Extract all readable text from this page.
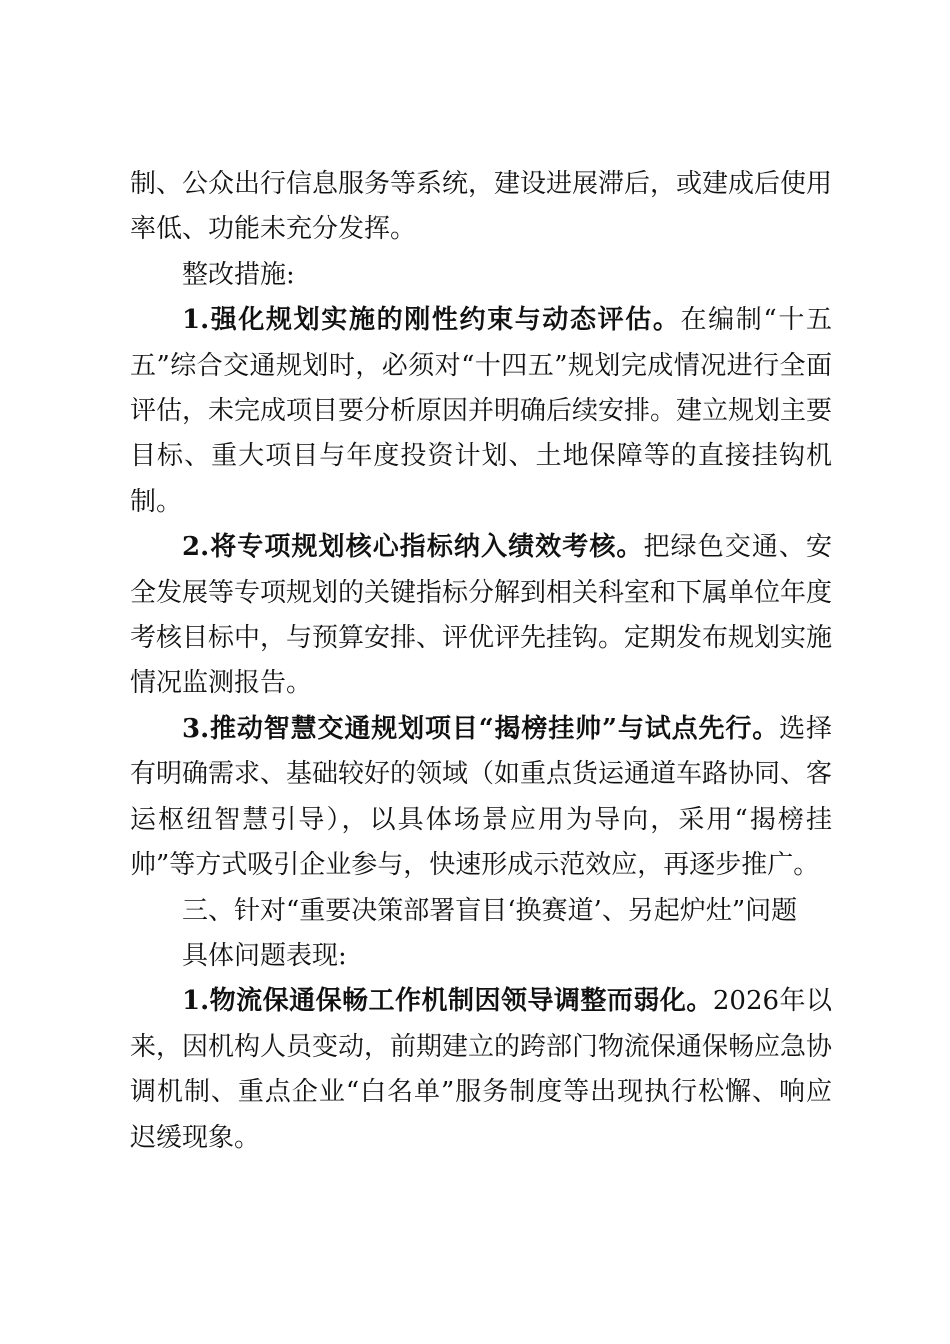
制、公众出行信息服务等系统，建设进展滞后，或建成后使用率低、功能未充分发挥。

整改措施:

1.强化规划实施的刚性约束与动态评估。在编制“十五五”综合交通规划时，必须对“十四五”规划完成情况进行全面评估，未完成项目要分析原因并明确后续安排。建立规划主要目标、重大项目与年度投资计划、土地保障等的直接挂钩机制。

2.将专项规划核心指标纳入绩效考核。把绿色交通、安全发展等专项规划的关键指标分解到相关科室和下属单位年度考核目标中，与预算安排、评优评先挂钩。定期发布规划实施情况监测报告。

3.推动智慧交通规划项目“揭榜挂帅”与试点先行。选择有明确需求、基础较好的领域（如重点货运通道车路协同、客运枢纽智慧引导），以具体场景应用为导向，采用“揭榜挂帅”等方式吸引企业参与，快速形成示范效应，再逐步推广。

三、针对“重要决策部署盲目‘换赛道’、另起炉灶”问题

具体问题表现:

1.物流保通保畅工作机制因领导调整而弱化。2026年以来，因机构人员变动，前期建立的跨部门物流保通保畅应急协调机制、重点企业“白名单”服务制度等出现执行松懈、响应迟缓现象。
